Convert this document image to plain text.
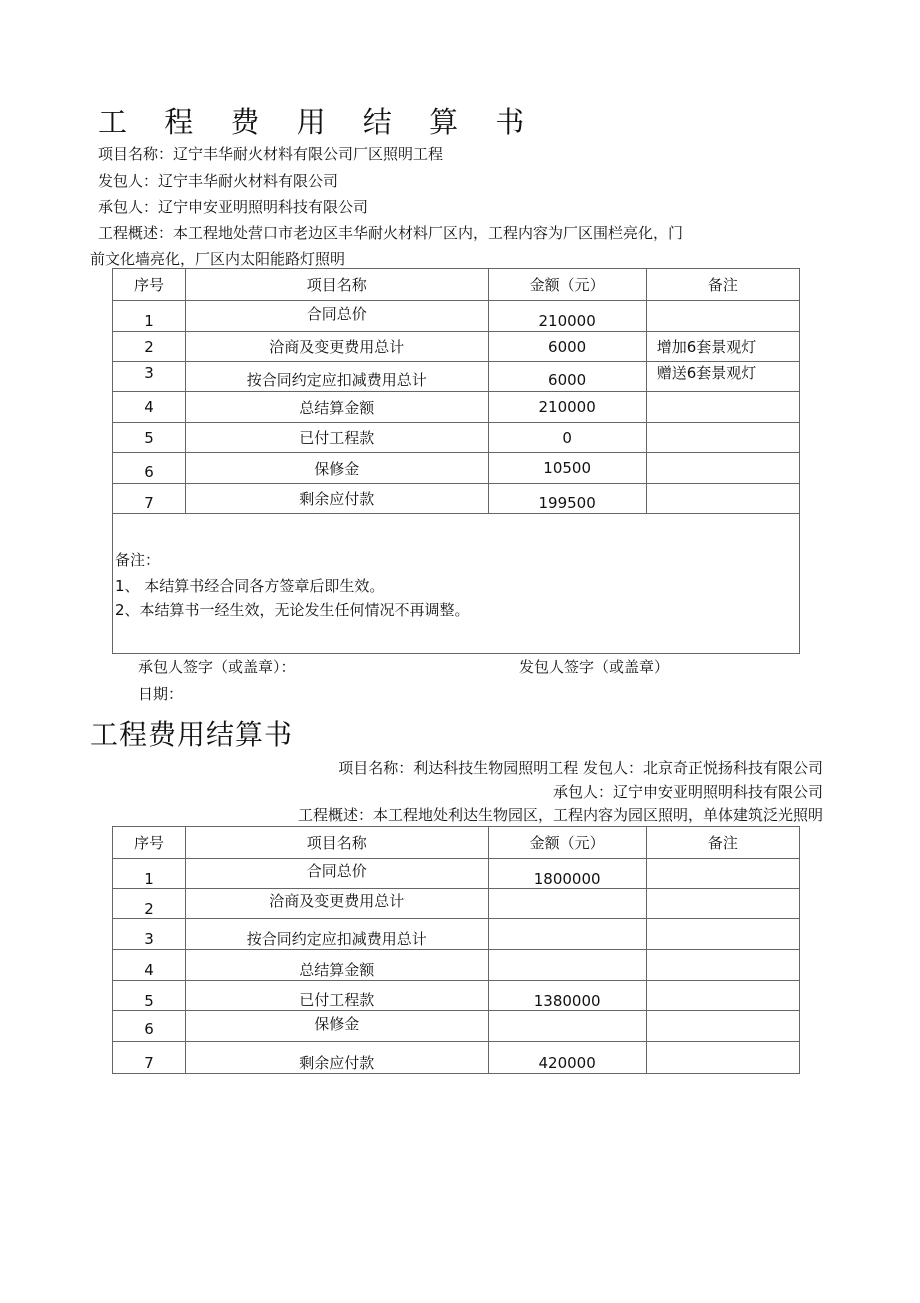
工 程 费 用 结 算 书
项目名称：辽宁丰华耐火材料有限公司厂区照明工程
发包人：辽宁丰华耐火材料有限公司
承包人：辽宁申安亚明照明科技有限公司
工程概述：本工程地处营口市老边区丰华耐火材料厂区内，工程内容为厂区围栏亮化，门
前文化墙亮化，厂区内太阳能路灯照明
序号	项目名称	金额（元）	备注
1	合同总价	210000	
2	洽商及变更费用总计	6000	增加6套景观灯
3	按合同约定应扣减费用总计	6000	赠送6套景观灯
4	总结算金额	210000	
5	已付工程款	0	
6	保修金	10500	
7	剩余应付款	199500	
备注：
1、 本结算书经合同各方签章后即生效。
2、本结算书一经生效，无论发生任何情况不再调整。
承包人签字（或盖章）：	发包人签字（或盖章）
日期：
工程费用结算书
项目名称：利达科技生物园照明工程 发包人：北京奇正悦扬科技有限公司
承包人：辽宁申安亚明照明科技有限公司
工程概述：本工程地处利达生物园区，工程内容为园区照明，单体建筑泛光照明
序号	项目名称	金额（元）	备注
1	合同总价	1800000	
2	洽商及变更费用总计		
3	按合同约定应扣减费用总计		
4	总结算金额		
5	已付工程款	1380000	
6	保修金		
7	剩余应付款	420000	
